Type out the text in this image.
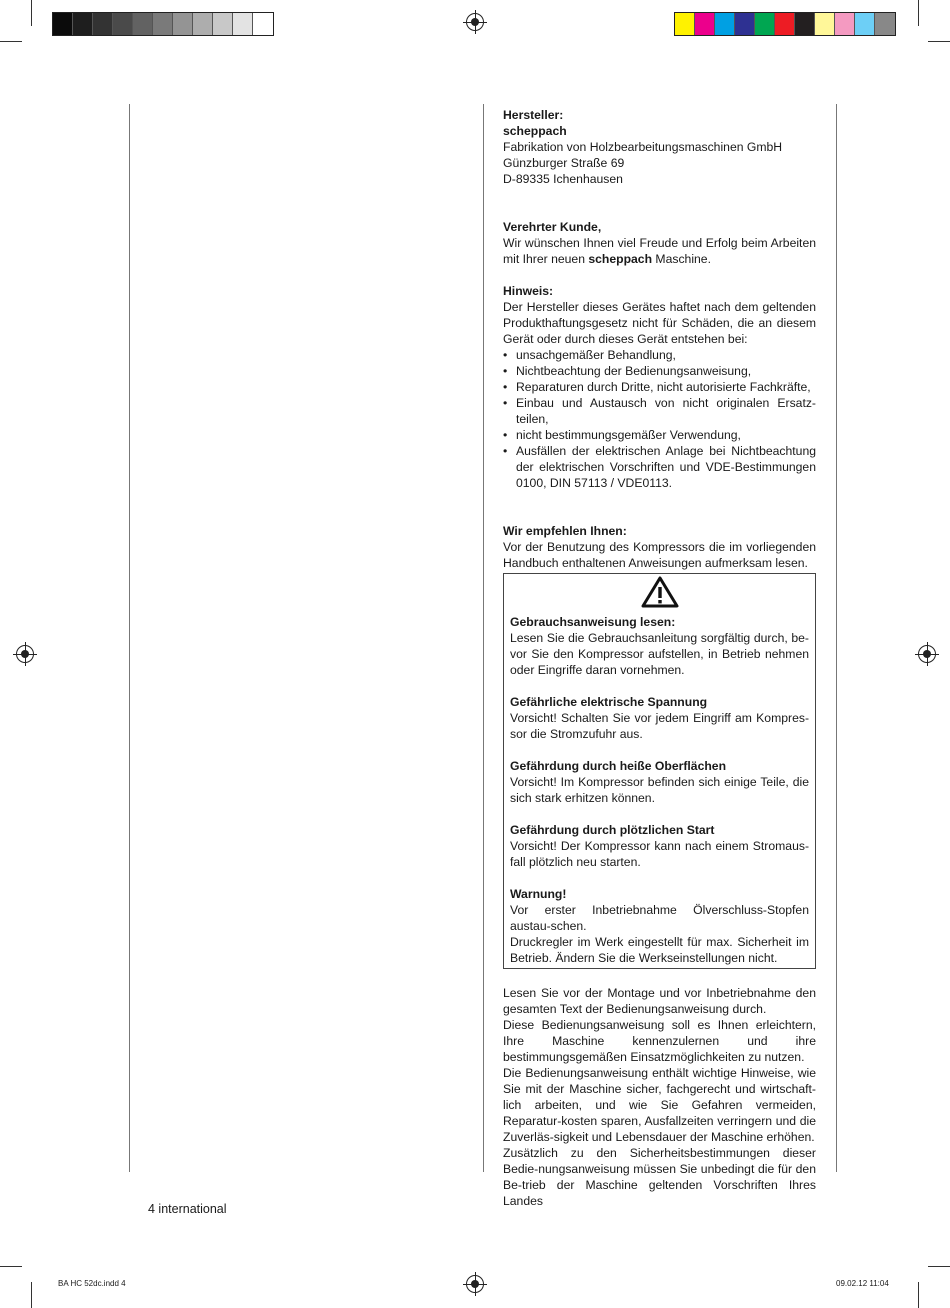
Hersteller:

scheppach

Fabrikation von Holzbearbeitungsmaschinen GmbH

Günzburger Straße 69

D-89335 Ichenhausen

Verehrter Kunde,

Wir wünschen Ihnen viel Freude und Erfolg beim Arbeiten mit Ihrer neuen scheppach Maschine.

Hinweis:

Der Hersteller dieses Gerätes haftet nach dem geltenden Produkthaftungsgesetz nicht für Schäden, die an diesem Gerät oder durch dieses Gerät entstehen bei:

• unsachgemäßer Behandlung,
• Nichtbeachtung der Bedienungsanweisung,
• Reparaturen durch Dritte, nicht autorisierte Fachkräfte,
• Einbau und Austausch von nicht originalen Ersatz-teilen,
• nicht bestimmungsgemäßer Verwendung,
• Ausfällen der elektrischen Anlage bei Nichtbeachtung der elektrischen Vorschriften und VDE-Bestimmungen 0100, DIN 57113 / VDE0113.

Wir empfehlen Ihnen:

Vor der Benutzung des Kompressors die im vorliegenden Handbuch enthaltenen Anweisungen aufmerksam lesen.

Gebrauchsanweisung lesen:

Lesen Sie die Gebrauchsanleitung sorgfältig durch, be-vor Sie den Kompressor aufstellen, in Betrieb nehmen oder Eingriffe daran vornehmen.

Gefährliche elektrische Spannung

Vorsicht! Schalten Sie vor jedem Eingriff am Kompres-sor die Stromzufuhr aus.

Gefährdung durch heiße Oberflächen

Vorsicht! Im Kompressor befinden sich einige Teile, die sich stark erhitzen können.

Gefährdung durch plötzlichen Start

Vorsicht! Der Kompressor kann nach einem Stromaus-fall plötzlich neu starten.

Warnung!

Vor erster Inbetriebnahme Ölverschluss-Stopfen austau-schen.

Druckregler im Werk eingestellt für max. Sicherheit im Betrieb. Ändern Sie die Werkseinstellungen nicht.

Lesen Sie vor der Montage und vor Inbetriebnahme den gesamten Text der Bedienungsanweisung durch.

Diese Bedienungsanweisung soll es Ihnen erleichtern, Ihre Maschine kennenzulernen und ihre bestimmungsgemäßen Einsatzmöglichkeiten zu nutzen.

Die Bedienungsanweisung enthält wichtige Hinweise, wie Sie mit der Maschine sicher, fachgerecht und wirtschaft-lich arbeiten, und wie Sie Gefahren vermeiden, Reparatur-kosten sparen, Ausfallzeiten verringern und die Zuverläs-sigkeit und Lebensdauer der Maschine erhöhen.

Zusätzlich zu den Sicherheitsbestimmungen dieser Bedie-nungsanweisung müssen Sie unbedingt die für den Be-trieb der Maschine geltenden Vorschriften Ihres Landes

4 international
BA HC 52dc.indd 4	09.02.12 11:04
